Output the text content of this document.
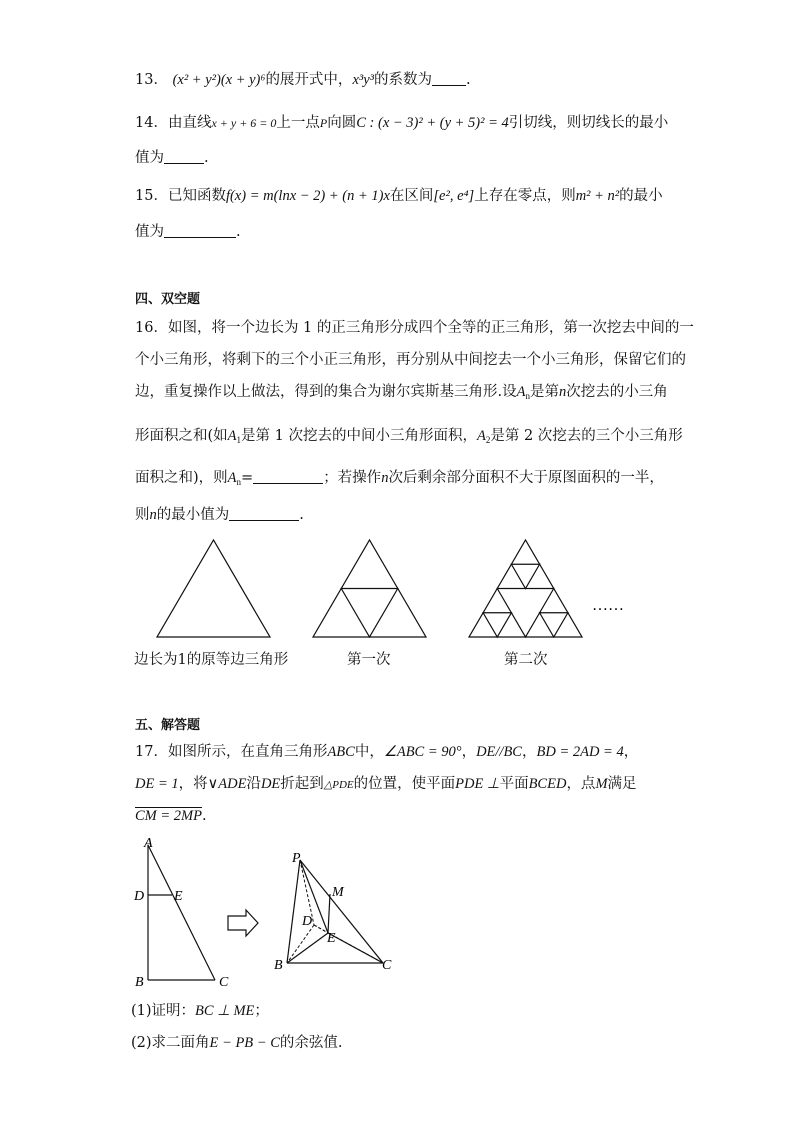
13． (x² + y²)(x + y)⁶的展开式中，x³y³的系数为 .
14．由直线x + y + 6 = 0上一点P向圆C : (x − 3)² + (y + 5)² = 4引切线，则切线长的最小
值为	.
15．已知函数f(x) = m(lnx − 2) + (n + 1)x在区间[e², e⁴]上存在零点，则m² + n²的最小
值为	.
四、双空题
16．如图，将一个边长为 1 的正三角形分成四个全等的正三角形，第一次挖去中间的一
个小三角形，将剩下的三个小正三角形，再分别从中间挖去一个小三角形，保留它们的
边，重复操作以上做法，得到的集合为谢尔宾斯基三角形.设$A_n$是第n次挖去的小三角
形面积之和(如$A_1$是第 1 次挖去的中间小三角形面积，$A_2$是第 2 次挖去的三个小三角形
面积之和)，则$A_n=$	；若操作n次后剩余部分面积不大于原图面积的一半，
则n的最小值为	.
……
边长为1的原等边三角形	第一次	第二次
五、解答题
17．如图所示，在直角三角形ABC中，∠ABC = 90°，DE//BC，BD = 2AD = 4，
DE = 1，将∨ADE沿DE折起到△PDE的位置，使平面PDE ⊥平面BCED，点M满足
CM = 2MP.
A
D E
B	C
P
M
D
E
B	C
(1)证明：BC ⊥ ME；
(2)求二面角E − PB − C的余弦值.
